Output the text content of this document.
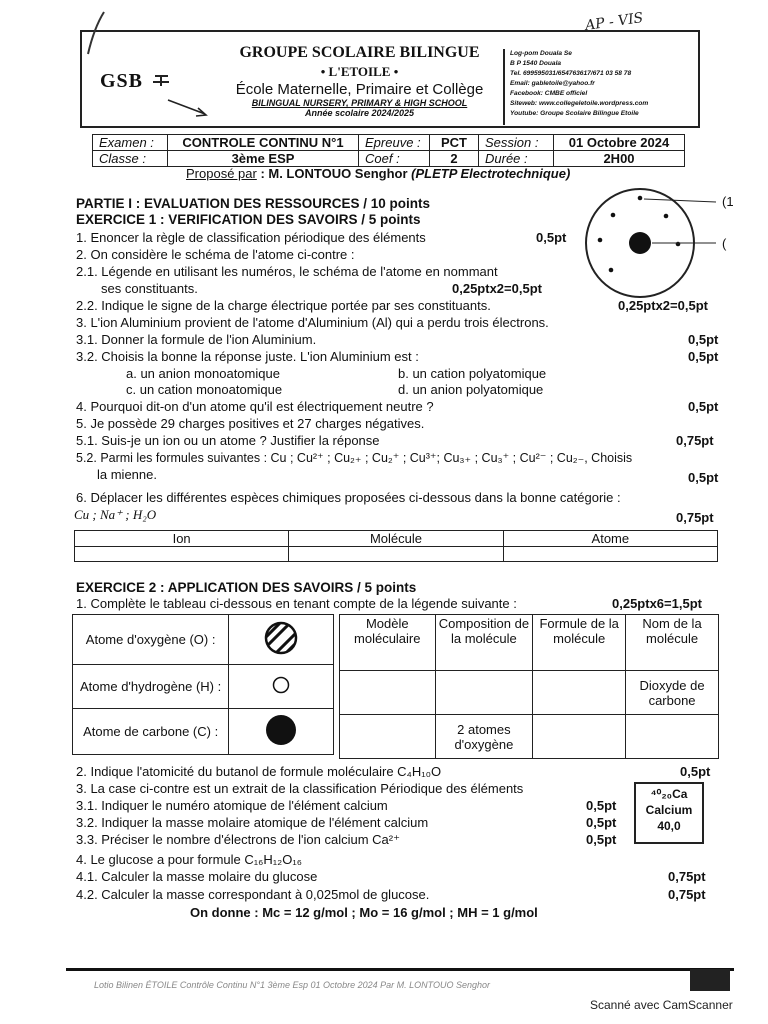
GSB
GROUPE SCOLAIRE BILINGUE
• L'ETOILE •
École Maternelle, Primaire et Collège
BILINGUAL NURSERY, PRIMARY & HIGH SCHOOL
Année scolaire 2024/2025
Log-pom Douala Se
B P 1540 Douala
Tel. 699595031/654763617/671 03 58 78
Email: gabletoile@yahoo.fr
Facebook: CMBE officiel
Siteweb: www.collegeletoile.wordpress.com
Youtube: Groupe Scolaire Bilingue Etoile
AP - VIS
Examen :	CONTROLE CONTINU N°1	Epreuve :	PCT	Session :	01 Octobre 2024
Classe :	3ème ESP	Coef :	2	Durée :	2H00
Proposé par : M. LONTOUO Senghor (PLETP Electrotechnique)
(1
(
PARTIE I : EVALUATION DES RESSOURCES / 10 points
EXERCICE 1 : VERIFICATION DES SAVOIRS / 5 points
1. Enoncer la règle de classification périodique des éléments	0,5pt
2. On considère le schéma de l'atome ci-contre :
2.1. Légende en utilisant les numéros, le schéma de l'atome en nommant
ses constituants.	0,25ptx2=0,5pt
2.2. Indique le signe de la charge électrique portée par ses constituants.	0,25ptx2=0,5pt
3. L'ion Aluminium provient de l'atome d'Aluminium (Al) qui a perdu trois électrons.
3.1. Donner la formule de l'ion Aluminium.	0,5pt
3.2. Choisis la bonne la réponse juste. L'ion Aluminium est :	0,5pt
a. un anion monoatomique	b. un cation polyatomique
c. un cation monoatomique	d. un anion polyatomique
4. Pourquoi dit-on d'un atome qu'il est électriquement neutre ?	0,5pt
5. Je possède 29 charges positives et 27 charges négatives.
5.1. Suis-je un ion ou un atome ? Justifier la réponse	0,75pt
5.2. Parmi les formules suivantes : Cu ; Cu²⁺ ; Cu₂₊ ; Cu₂⁺ ; Cu³⁺; Cu₃₊ ; Cu₃⁺ ; Cu²⁻ ; Cu₂₋, Choisis
la mienne.	0,5pt
6. Déplacer les différentes espèces chimiques proposées ci-dessous dans la bonne catégorie :
Cu ; Na⁺ ; H₂O	0,75pt
Ion	Molécule	Atome

EXERCICE 2 : APPLICATION DES SAVOIRS / 5 points
1. Complète le tableau ci-dessous en tenant compte de la légende suivante :	0,25ptx6=1,5pt
Atome d'oxygène (O) :	
Atome d'hydrogène (H) :	
Atome de carbone (C) :	
Modèle moléculaire	Composition de la molécule	Formule de la molécule	Nom de la molécule
			Dioxyde de carbone
	2 atomes d'oxygène		
2. Indique l'atomicité du butanol de formule moléculaire C₄H₁₀O	0,5pt
3. La case ci-contre est un extrait de la classification Périodique des éléments
3.1. Indiquer le numéro atomique de l'élément calcium	0,5pt
3.2. Indiquer la masse molaire atomique de l'élément calcium	0,5pt
3.3. Préciser le nombre d'électrons de l'ion calcium Ca²⁺	0,5pt
⁴⁰₂₀Ca
Calcium
40,0
4. Le glucose a pour formule C₁₆H₁₂O₁₆
4.1. Calculer la masse molaire du glucose	0,75pt
4.2. Calculer la masse correspondant à 0,025mol de glucose.	0,75pt
On donne : Mc = 12 g/mol ; Mo = 16 g/mol ; MH = 1 g/mol
Lotio Bilinen ÉTOILE Contrôle Continu N°1 3ème Esp 01 Octobre 2024 Par M. LONTOUO Senghor
Scanné avec CamScanner
